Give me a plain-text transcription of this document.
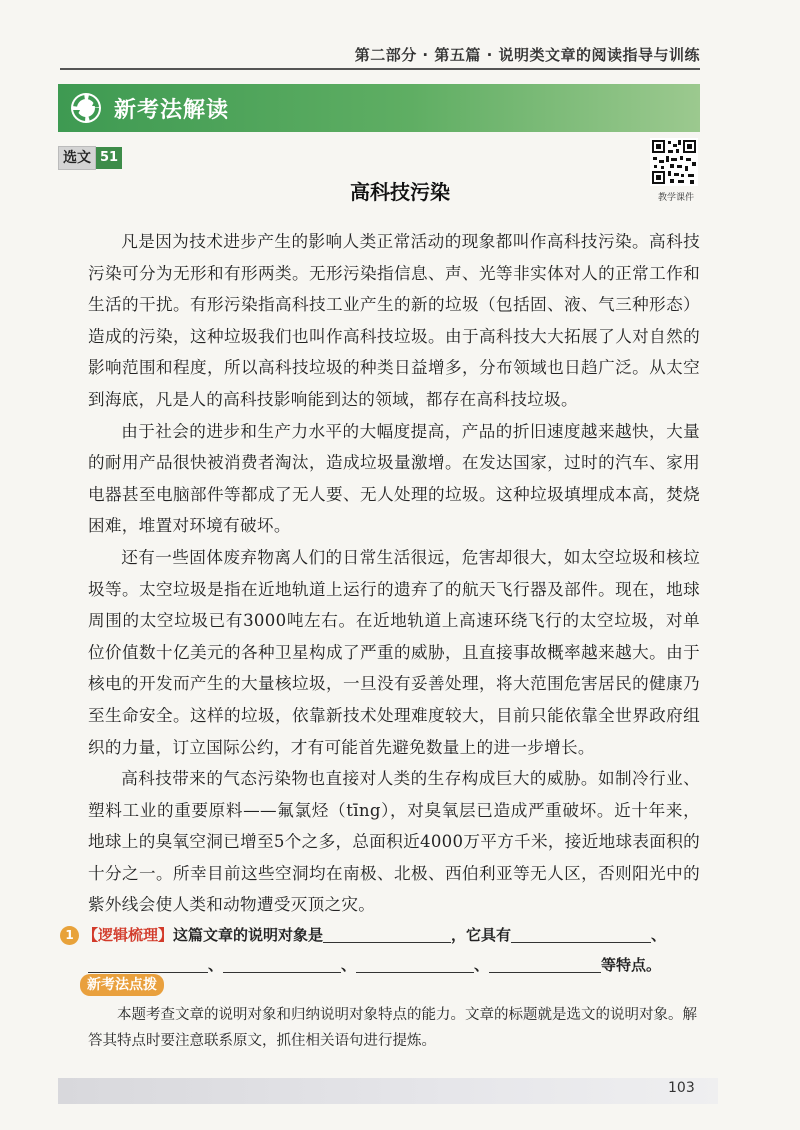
第二部分 · 第五篇 · 说明类文章的阅读指导与训练
新考法解读
选文 51
教学课件
高科技污染

凡是因为技术进步产生的影响人类正常活动的现象都叫作高科技污染。高科技污染可分为无形和有形两类。无形污染指信息、声、光等非实体对人的正常工作和生活的干扰。有形污染指高科技工业产生的新的垃圾（包括固、液、气三种形态）造成的污染，这种垃圾我们也叫作高科技垃圾。由于高科技大大拓展了人对自然的影响范围和程度，所以高科技垃圾的种类日益增多，分布领域也日趋广泛。从太空到海底，凡是人的高科技影响能到达的领域，都存在高科技垃圾。

由于社会的进步和生产力水平的大幅度提高，产品的折旧速度越来越快，大量的耐用产品很快被消费者淘汰，造成垃圾量激增。在发达国家，过时的汽车、家用电器甚至电脑部件等都成了无人要、无人处理的垃圾。这种垃圾填埋成本高，焚烧困难，堆置对环境有破坏。

还有一些固体废弃物离人们的日常生活很远，危害却很大，如太空垃圾和核垃圾等。太空垃圾是指在近地轨道上运行的遗弃了的航天飞行器及部件。现在，地球周围的太空垃圾已有3000吨左右。在近地轨道上高速环绕飞行的太空垃圾，对单位价值数十亿美元的各种卫星构成了严重的威胁，且直接事故概率越来越大。由于核电的开发而产生的大量核垃圾，一旦没有妥善处理，将大范围危害居民的健康乃至生命安全。这样的垃圾，依靠新技术处理难度较大，目前只能依靠全世界政府组织的力量，订立国际公约，才有可能首先避免数量上的进一步增长。

高科技带来的气态污染物也直接对人类的生存构成巨大的威胁。如制冷行业、塑料工业的重要原料——氟氯烃（tīng），对臭氧层已造成严重破坏。近十年来，地球上的臭氧空洞已增至5个之多，总面积近4000万平方千米，接近地球表面积的十分之一。所幸目前这些空洞均在南极、北极、西伯利亚等无人区，否则阳光中的紫外线会使人类和动物遭受灭顶之灾。

1 【逻辑梳理】这篇文章的说明对象是	，它具有	、
、	、	、	等特点。
新考法点拨

本题考查文章的说明对象和归纳说明对象特点的能力。文章的标题就是选文的说明对象。解答其特点时要注意联系原文，抓住相关语句进行提炼。

103
